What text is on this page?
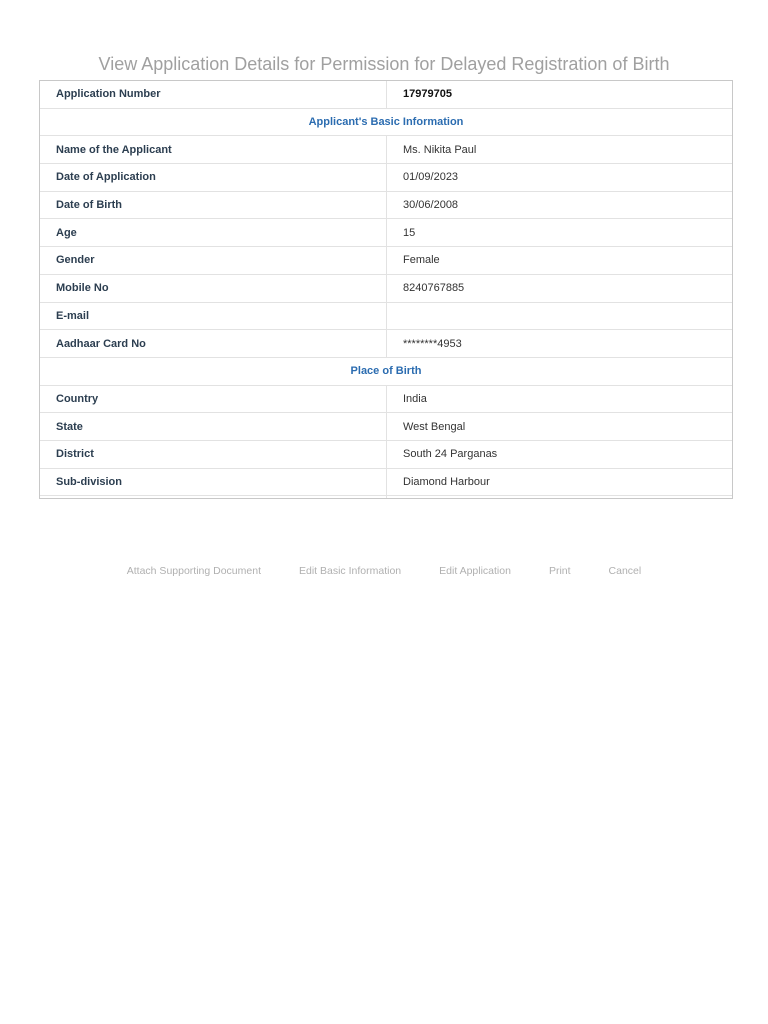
View Application Details for Permission for Delayed Registration of Birth
Application Number	17979705
Applicant's Basic Information
Name of the Applicant	Ms. Nikita Paul
Date of Application	01/09/2023
Date of Birth	30/06/2008
Age	15
Gender	Female
Mobile No	8240767885
E-mail
Aadhaar Card No	********4953
Place of Birth
Country	India
State	West Bengal
District	South 24 Parganas
Sub-division	Diamond Harbour
Attach Supporting Document	Edit Basic Information	Edit Application	Print	Cancel
